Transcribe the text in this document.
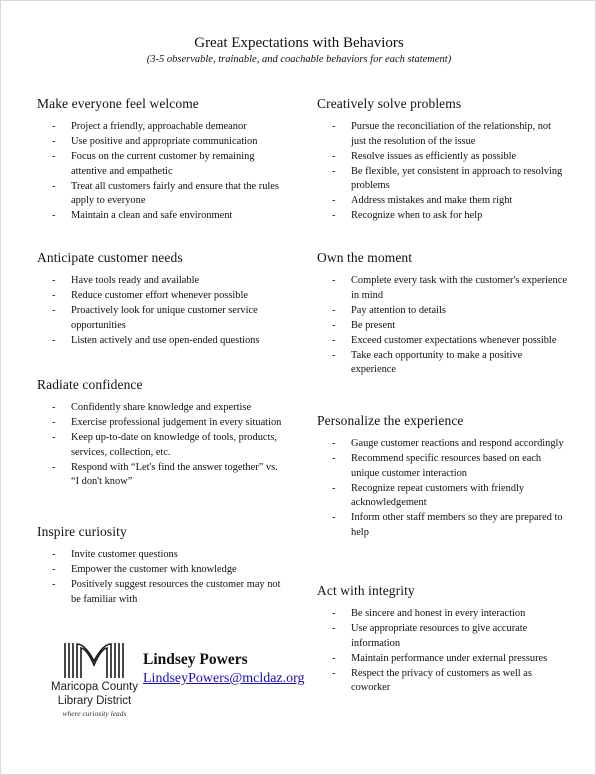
Great Expectations with Behaviors
(3-5 observable, trainable, and coachable behaviors for each statement)
Make everyone feel welcome
- Project a friendly, approachable demeanor
- Use positive and appropriate communication
- Focus on the current customer by remaining attentive and empathetic
- Treat all customers fairly and ensure that the rules apply to everyone
- Maintain a clean and safe environment
Anticipate customer needs
- Have tools ready and available
- Reduce customer effort whenever possible
- Proactively look for unique customer service opportunities
- Listen actively and use open-ended questions
Radiate confidence
- Confidently share knowledge and expertise
- Exercise professional judgement in every situation
- Keep up-to-date on knowledge of tools, products, services, collection, etc.
- Respond with “Let's find the answer together” vs. “I don't know”
Inspire curiosity
- Invite customer questions
- Empower the customer with knowledge
- Positively suggest resources the customer may not be familiar with
Creatively solve problems
- Pursue the reconciliation of the relationship, not just the resolution of the issue
- Resolve issues as efficiently as possible
- Be flexible, yet consistent in approach to resolving problems
- Address mistakes and make them right
- Recognize when to ask for help
Own the moment
- Complete every task with the customer's experience in mind
- Pay attention to details
- Be present
- Exceed customer expectations whenever possible
- Take each opportunity to make a positive experience
Personalize the experience
- Gauge customer reactions and respond accordingly
- Recommend specific resources based on each unique customer interaction
- Recognize repeat customers with friendly acknowledgement
- Inform other staff members so they are prepared to help
Act with integrity
- Be sincere and honest in every interaction
- Use appropriate resources to give accurate information
- Maintain performance under external pressures
- Respect the privacy of customers as well as coworker
Maricopa County
Library District
where curiosity leads
Lindsey Powers
LindseyPowers@mcldaz.org
